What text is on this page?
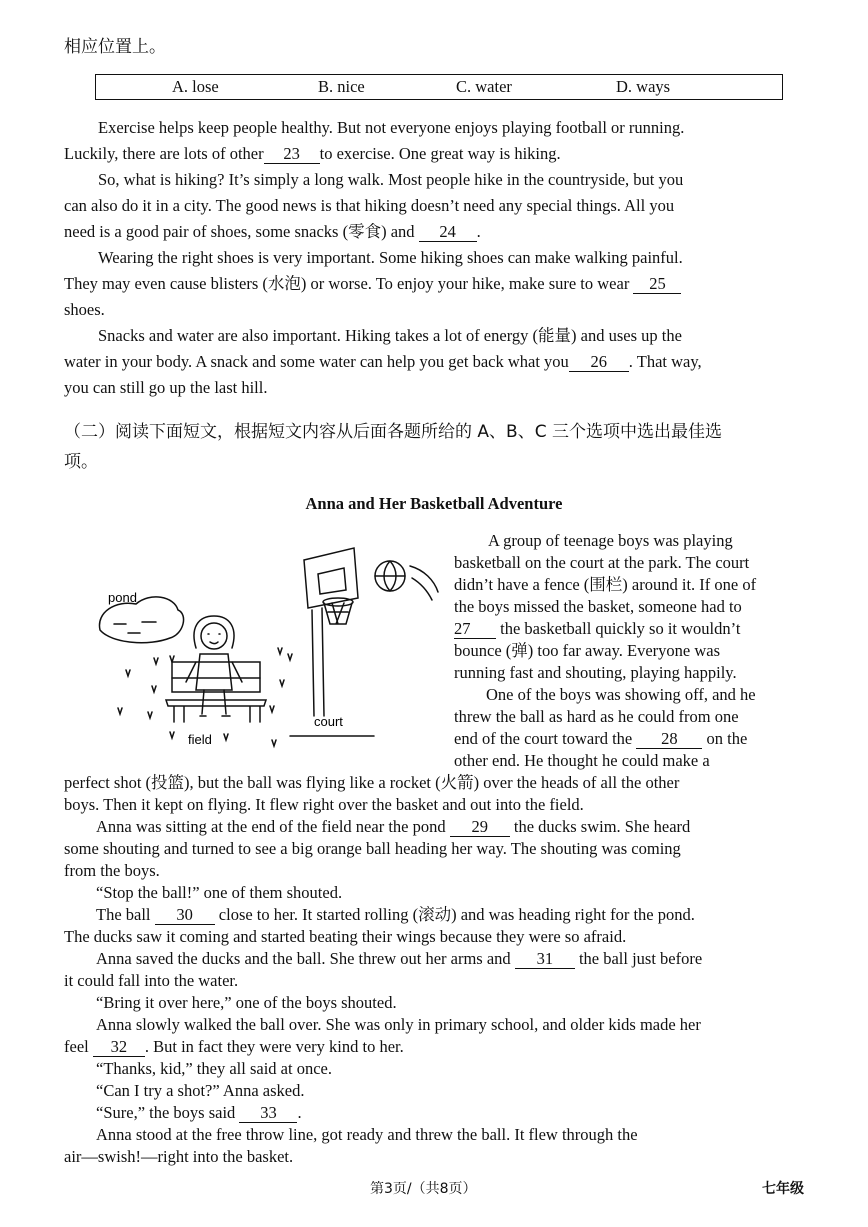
相应位置上。
A. lose	B. nice	C. water	D. ways
Exercise helps keep people healthy. But not everyone enjoys playing football or running.
Luckily, there are lots of other 23 to exercise. One great way is hiking.
So, what is hiking? It’s simply a long walk. Most people hike in the countryside, but you
can also do it in a city. The good news is that hiking doesn’t need any special things. All you
need is a good pair of shoes, some snacks (零食) and 24 .
Wearing the right shoes is very important. Some hiking shoes can make walking painful.
They may even cause blisters (水泡) or worse. To enjoy your hike, make sure to wear 25
shoes.
Snacks and water are also important. Hiking takes a lot of energy (能量) and uses up the
water in your body. A snack and some water can help you get back what you 26 . That way,
you can still go up the last hill.
（二）阅读下面短文，根据短文内容从后面各题所给的 A、B、C 三个选项中选出最佳选
项。
Anna and Her Basketball Adventure
pond
field
court
A group of teenage boys was playing
basketball on the court at the park. The court
didn’t have a fence (围栏) around it. If one of
the boys missed the basket, someone had to
27 the basketball quickly so it wouldn’t
bounce (弹) too far away. Everyone was
running fast and shouting, playing happily.
One of the boys was showing off, and he
threw the ball as hard as he could from one
end of the court toward the 28 on the
other end. He thought he could make a
perfect shot (投篮), but the ball was flying like a rocket (火箭) over the heads of all the other
boys. Then it kept on flying. It flew right over the basket and out into the field.
Anna was sitting at the end of the field near the pond 29 the ducks swim. She heard
some shouting and turned to see a big orange ball heading her way. The shouting was coming
from the boys.
“Stop the ball!” one of them shouted.
The ball 30 close to her. It started rolling (滚动) and was heading right for the pond.
The ducks saw it coming and started beating their wings because they were so afraid.
Anna saved the ducks and the ball. She threw out her arms and 31 the ball just before
it could fall into the water.
“Bring it over here,” one of the boys shouted.
Anna slowly walked the ball over. She was only in primary school, and older kids made her
feel 32 . But in fact they were very kind to her.
“Thanks, kid,” they all said at once.
“Can I try a shot?” Anna asked.
“Sure,” the boys said 33 .
Anna stood at the free throw line, got ready and threw the ball. It flew through the
air—swish!—right into the basket.
第3页/（共8页）	七年级
